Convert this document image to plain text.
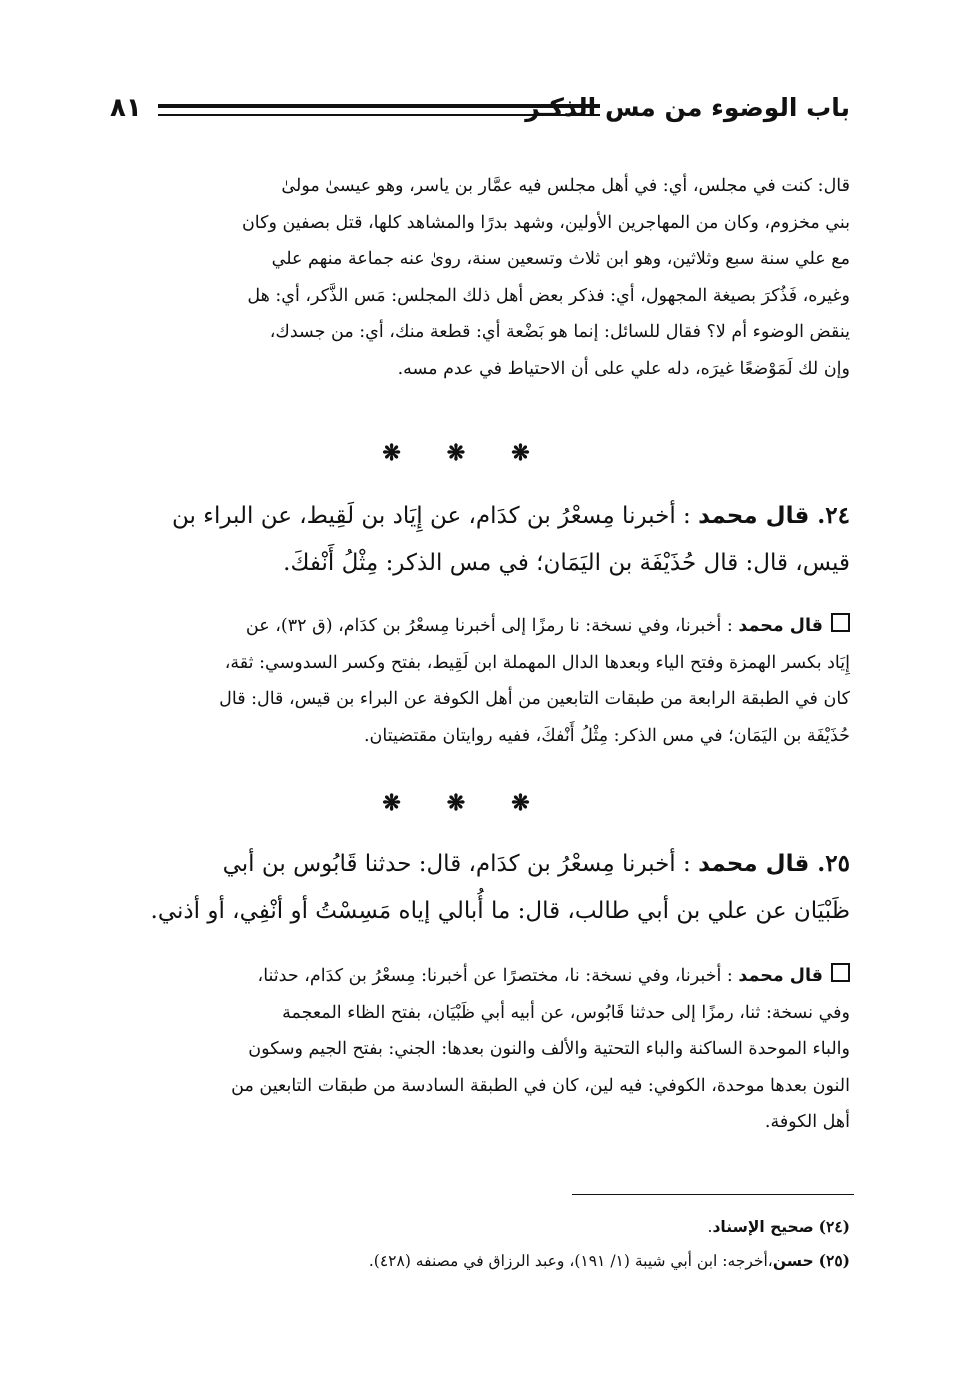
باب الوضوء من مس الذكـر
٨١

قال: كنت في مجلس، أي: في أهل مجلس فيه عمَّار بن ياسر، وهو عيسىٰ مولىٰ

بني مخزوم، وكان من المهاجرين الأولين، وشهد بدرًا والمشاهد كلها، قتل بصفين وكان

مع علي سنة سبع وثلاثين، وهو ابن ثلاث وتسعين سنة، روىٰ عنه جماعة منهم علي

وغيره، فَذُكرَ بصيغة المجهول، أي: فذكر بعض أهل ذلك المجلس: مَس الذَّكر، أي: هل

ينقض الوضوء أم لا؟ فقال للسائل: إنما هو بَضْعة أي: قطعة منك، أي: من جسدك،

وإن لك لَمَوْضعًا غيرَه، دله علي على أن الاحتياط في عدم مسه.

❋❋❋

٢٤. قال محمد : أخبرنا مِسعْرُ بن كدَام، عن إِيَاد بن لَقِيط، عن البراء بن

قيس، قال: قال حُذَيْفَة بن اليَمَان؛ في مس الذكر: مِثْلُ أَنْفكَ.

قال محمد : أخبرنا، وفي نسخة: نا رمزًا إلى أخبرنا مِسعْرُ بن كدَام، (ق ٣٢)، عن

إِيَاد بكسر الهمزة وفتح الياء وبعدها الدال المهملة ابن لَقِيط، بفتح وكسر السدوسي: ثقة،

كان في الطبقة الرابعة من طبقات التابعين من أهل الكوفة عن البراء بن قيس، قال: قال

حُذَيْفَة بن اليَمَان؛ في مس الذكر: مِثْلُ أَنْفكَ، ففيه روايتان مقتضيتان.

❋❋❋

٢٥. قال محمد : أخبرنا مِسعْرُ بن كدَام، قال: حدثنا قَابُوس بن أبي

ظَبْيَان عن علي بن أبي طالب، قال: ما أُبالي إياه مَسِسْتُ أو أنْفِي، أو أذني.

قال محمد : أخبرنا، وفي نسخة: نا، مختصرًا عن أخبرنا: مِسعْرُ بن كدَام، حدثنا،

وفي نسخة: ثنا، رمزًا إلى حدثنا قَابُوس، عن أبيه أبي ظَبْيَان، بفتح الظاء المعجمة

والباء الموحدة الساكنة والباء التحتية والألف والنون بعدها: الجني: بفتح الجيم وسكون

النون بعدها موحدة، الكوفي: فيه لين، كان في الطبقة السادسة من طبقات التابعين من

أهل الكوفة.

(٢٤) صحيح الإسناد.

(٢٥) حسن،أخرجه: ابن أبي شيبة (١/ ١٩١)، وعبد الرزاق في مصنفه (٤٢٨).
